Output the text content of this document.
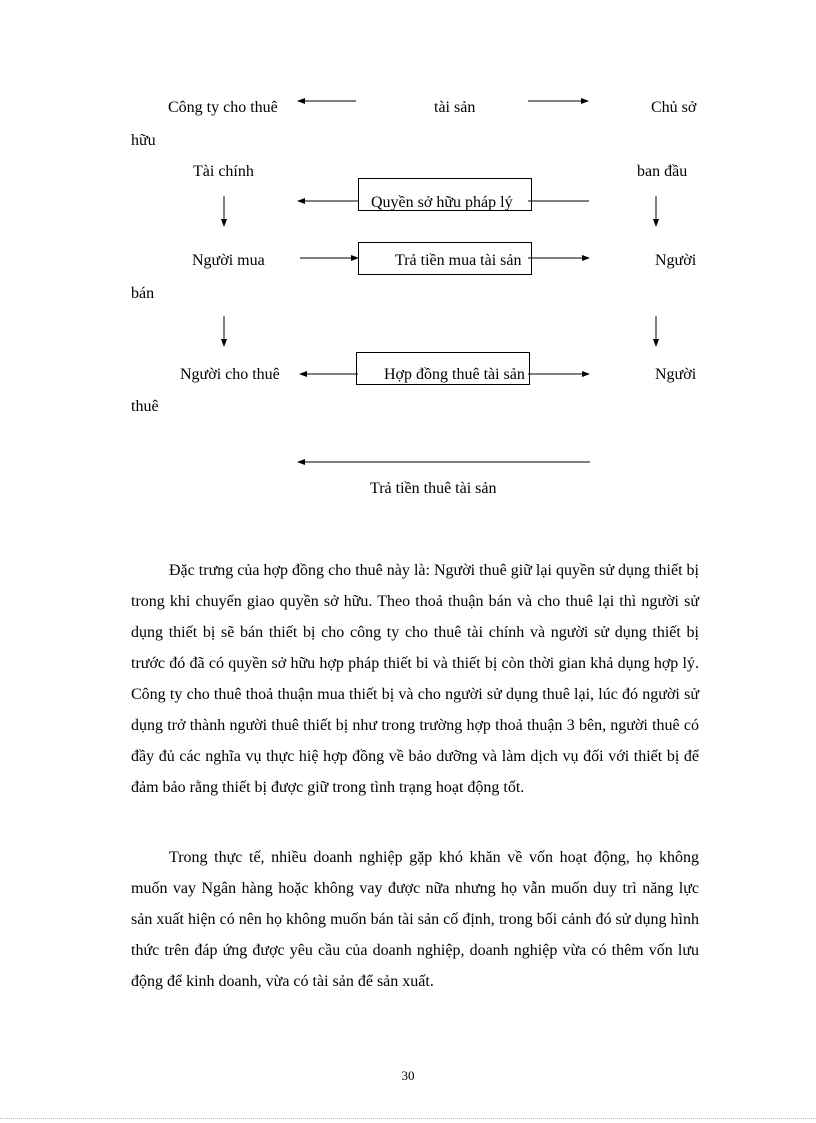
Công ty cho thuê
hữu
tài sản	Chủ sở
Tài chính	ban đầu
Quyền sở hữu pháp lý
Người mua	Trả tiền mua tài sản	Người
bán
Người cho thuê	Hợp đồng thuê tài sản	Người
thuê
Trả tiền thuê tài sản

Đặc trưng của hợp đồng cho thuê này là: Người thuê giữ lại quyền sử dụng thiết bị trong khi chuyển giao quyền sở hữu. Theo thoả thuận bán và cho thuê lại thì người sử dụng thiết bị sẽ bán thiết bị cho công ty cho thuê tài chính và người sử dụng thiết bị trước đó đã có quyền sở hữu hợp pháp thiết bi và thiết bị còn thời gian khả dụng hợp lý. Công ty cho thuê thoả thuận mua thiết bị và cho người sử dụng thuê lại, lúc đó người sử dụng trở thành người thuê thiết bị như trong trường hợp thoả thuận 3 bên, người thuê có đầy đủ các nghĩa vụ thực hiệ hợp đồng về bảo dưỡng và làm dịch vụ đối với thiết bị để đảm bảo rằng thiết bị được giữ trong tình trạng hoạt động tốt.

Trong thực tế, nhiều doanh nghiệp gặp khó khăn về vốn hoạt động, họ không muốn vay Ngân hàng hoặc không vay được nữa nhưng họ vẫn muốn duy trì năng lực sản xuất hiện có nên họ không muốn bán tài sản cố định, trong bối cảnh đó sử dụng hình thức trên đáp ứng được yêu cầu của doanh nghiệp, doanh nghiệp vừa có thêm vốn lưu động để kinh doanh, vừa có tài sản để sản xuất.

30
